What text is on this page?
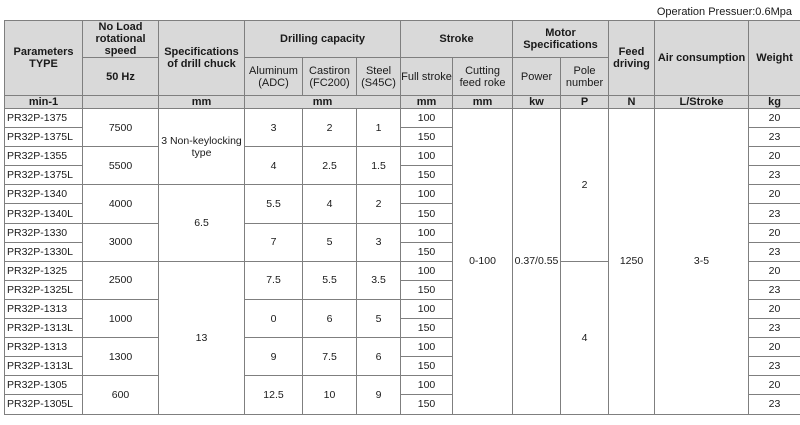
Operation Pressuer:0.6Mpa
Parameters TYPE	No Load rotational speed	Specifications of drill chuck	Drilling capacity			Stroke		Motor Specifications		Feed driving	Air consumption	Weight
	50 Hz		Aluminum (ADC)	Castiron (FC200)	Steel (S45C)	Full stroke	Cutting feed roke	Power	Pole number			
min-1		mm	mm			mm	mm	kw	P	N	L/Stroke	kg
PR32P-1375	7500	3 Non-keylocking type	3	2	1	100	0-100	0.37/0.55	2	1250	3-5	20
PR32P-1375L						150						23
PR32P-1355	5500		4	2.5	1.5	100						20
PR32P-1375L						150						23
PR32P-1340	4000	6.5	5.5	4	2	100						20
PR32P-1340L						150						23
PR32P-1330	3000		7	5	3	100						20
PR32P-1330L						150						23
PR32P-1325	2500	13	7.5	5.5	3.5	100			4			20
PR32P-1325L						150						23
PR32P-1313	1000		0	6	5	100						20
PR32P-1313L						150						23
PR32P-1313	1300		9	7.5	6	100						20
PR32P-1313L						150						23
PR32P-1305	600		12.5	10	9	100						20
PR32P-1305L						150						23
